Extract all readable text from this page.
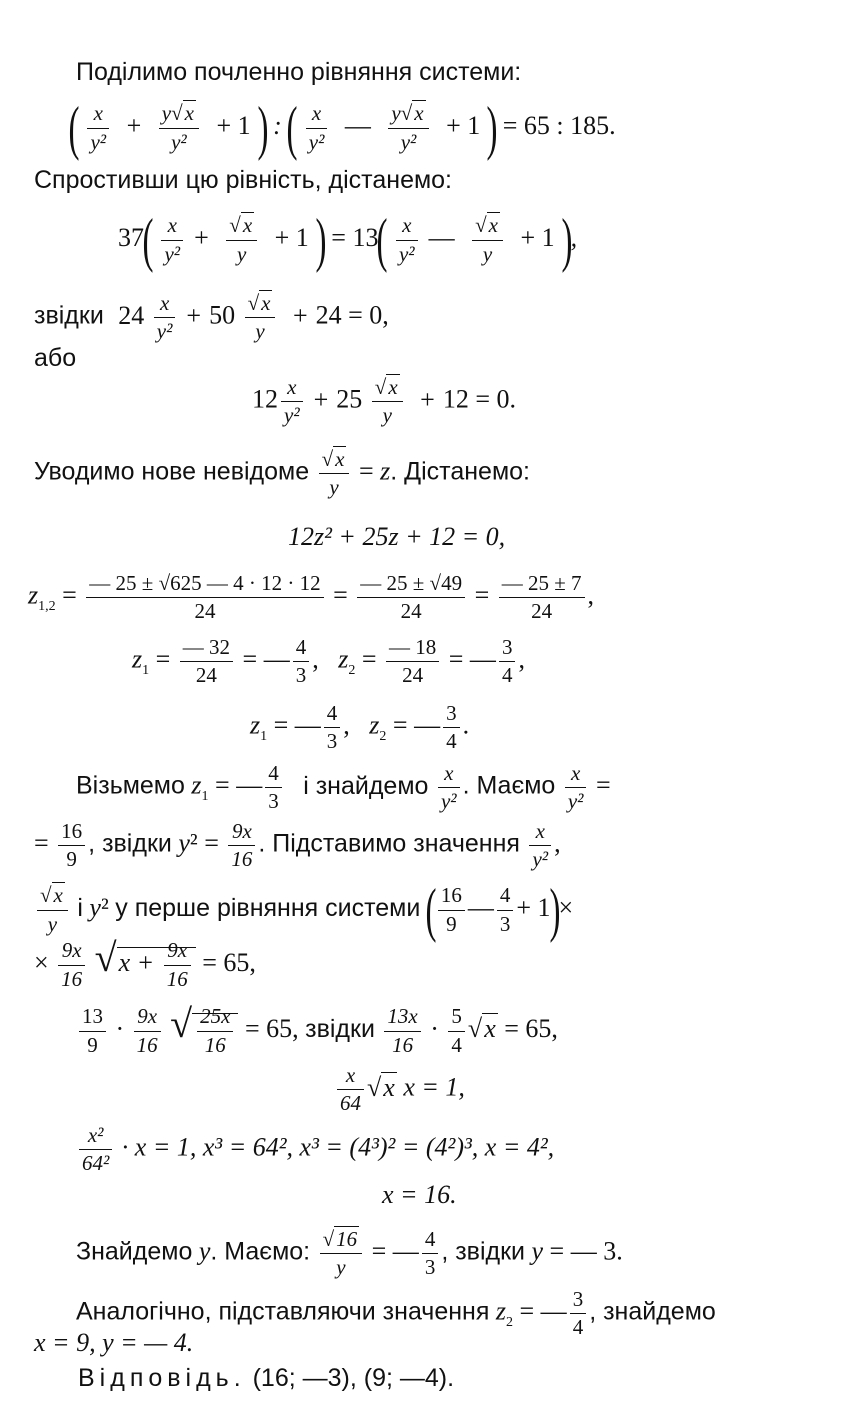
Поділимо почленно рівняння системи:
( $\frac{x}{\text{y²}} + \frac{y√x}{\text{y²}} + 1$ ) : ( $\frac{x}{\text{y²}}$ — $\frac{y√x}{\text{y²}} + 1$ ) = 65 : 185.
Спростивши цю рівність, дістанемо:
$37( \frac{x}{\text{y²}} + \frac{√x}{y} + 1$ ) = $13( \frac{x}{\text{y²}}$ — $\frac{√x}{y} + 1$ ),
звідки $24 \frac{x}{\text{y²}} + 50 \frac{√x}{y} + 24 = 0$,
або
$12 \frac{x}{\text{y²}} + 25 \frac{√x}{y} + 12 = 0$.
Уводимо нове невідоме $\frac{√x}{y} = z$. Дістанемо:
12z² + 25z + 12 = 0,
$z_{1,2} = \frac{— 25 \pm √625 — 4 \cdot 12 \cdot 12}{24} = \frac{— 25 \pm √49}{24} = \frac{— 25 \pm 7}{24}$ ,
$z_1 = \frac{— 32}{24}$ = — $\frac{4}{3}$ ,   $z_2 = \frac{— 18}{24}$ = — $\frac{3}{4}$ ,
$z_1$ = — $\frac{4}{3}$ ,   $z_2$ = — $\frac{3}{4}$ .
Візьмемо $z_1$ = — $\frac{4}{3}$ і знайдемо $\frac{x}{\text{y²}}$ . Маємо $\frac{x}{\text{y²}}$ =
= $\frac{16}{9}$ , звідки $y^2 = \frac{9x}{16}$ . Підставимо значення $\frac{x}{\text{y²}}$ ,
$\frac{√x}{y}$ і y² у перше рівняння системи ( $\frac{16}{9}$ — $\frac{4}{3} + 1)\times$
× $\frac{9x}{16} √x + \frac{9x}{16} = 65$,
$\frac{13}{9} \cdot \frac{9x}{16}$ √ $\frac{25x}{16} = 65$, звідки $\frac{13x}{16} \cdot \frac{5}{4} √x = 65$,
$\frac{x}{64} √x$ x = 1,
$\frac{\text{x²}}{\text{64²}} \cdot x = 1$, x³ = 64², x³ = (4³)² = (4²)³, x = 4²,
x = 16.
Знайдемо y. Маємо: $\frac{√16}{y}$ = — $\frac{4}{3}$ , звідки y = — 3.
Аналогічно, підставляючи значення $z_2$ = — $\frac{3}{4}$ , знайдемо
x = 9, y = — 4.
Відповідь. (16; —3), (9; —4).
